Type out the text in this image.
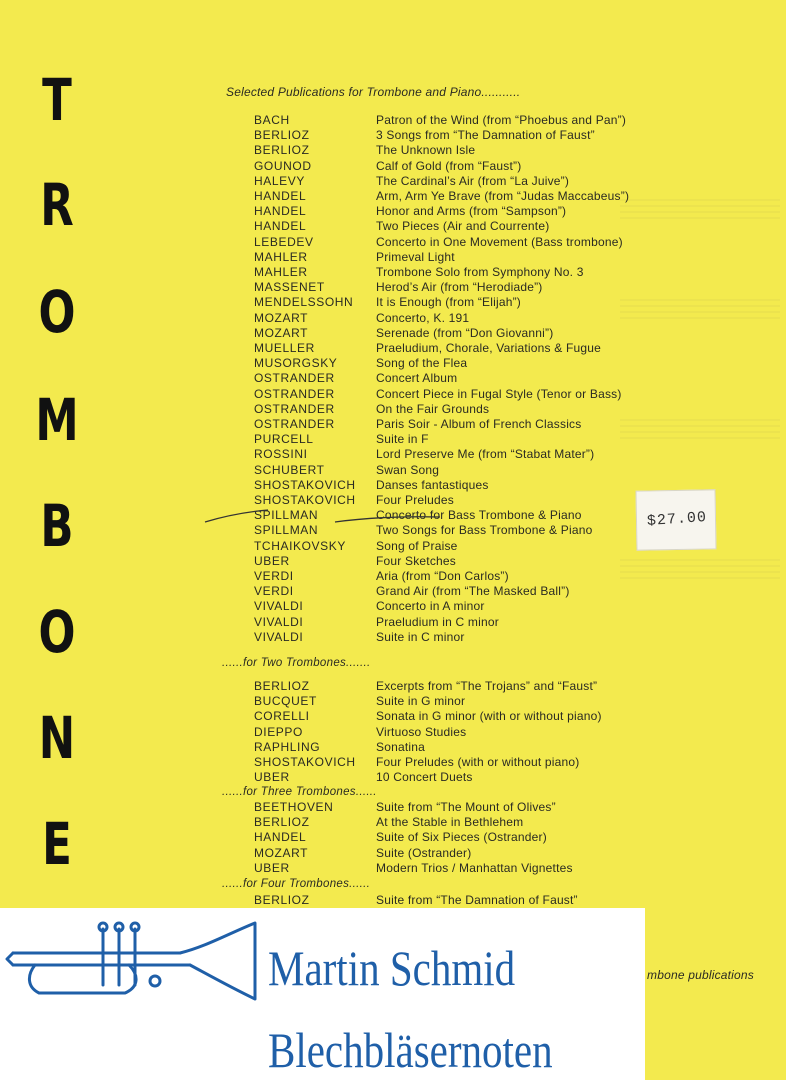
T
R
O
M
B
O
N
E
Selected Publications for Trombone and Piano...........
BACH	Patron of the Wind (from “Phoebus and Pan”)
BERLIOZ	3 Songs from “The Damnation of Faust”
BERLIOZ	The Unknown Isle
GOUNOD	Calf of Gold (from “Faust”)
HALEVY	The Cardinal’s Air (from “La Juive”)
HANDEL	Arm, Arm Ye Brave (from “Judas Maccabeus”)
HANDEL	Honor and Arms (from “Sampson”)
HANDEL	Two Pieces (Air and Courrente)
LEBEDEV	Concerto in One Movement (Bass trombone)
MAHLER	Primeval Light
MAHLER	Trombone Solo from Symphony No. 3
MASSENET	Herod’s Air (from “Herodiade”)
MENDELSSOHN It is Enough (from “Elijah”)
MOZART	Concerto, K. 191
MOZART	Serenade (from “Don Giovanni”)
MUELLER	Praeludium, Chorale, Variations & Fugue
MUSORGSKY	Song of the Flea
OSTRANDER	Concert Album
OSTRANDER	Concert Piece in Fugal Style (Tenor or Bass)
OSTRANDER	On the Fair Grounds
OSTRANDER	Paris Soir - Album of French Classics
PURCELL	Suite in F
ROSSINI	Lord Preserve Me (from “Stabat Mater”)
SCHUBERT	Swan Song
SHOSTAKOVICH Danses fantastiques
SHOSTAKOVICH Four Preludes
SPILLMAN	Concerto for Bass Trombone & Piano
SPILLMAN	Two Songs for Bass Trombone & Piano
TCHAIKOVSKY	Song of Praise
UBER	Four Sketches
VERDI	Aria (from “Don Carlos”)
VERDI	Grand Air (from “The Masked Ball”)
VIVALDI	Concerto in A minor
VIVALDI	Praeludium in C minor
VIVALDI	Suite in C minor
......for Two Trombones.......
BERLIOZ	Excerpts from “The Trojans” and “Faust”
BUCQUET	Suite in G minor
CORELLI	Sonata in G minor (with or without piano)
DIEPPO	Virtuoso Studies
RAPHLING	Sonatina
SHOSTAKOVICH Four Preludes (with or without piano)
UBER	10 Concert Duets
......for Three Trombones......
BEETHOVEN	Suite from “The Mount of Olives”
BERLIOZ	At the Stable in Bethlehem
HANDEL	Suite of Six Pieces (Ostrander)
MOZART	Suite (Ostrander)
UBER	Modern Trios / Manhattan Vignettes
......for Four Trombones......
BERLIOZ	Suite from “The Damnation of Faust”
$27.00
mbone publications
Martin Schmid
Blechbläsernoten
